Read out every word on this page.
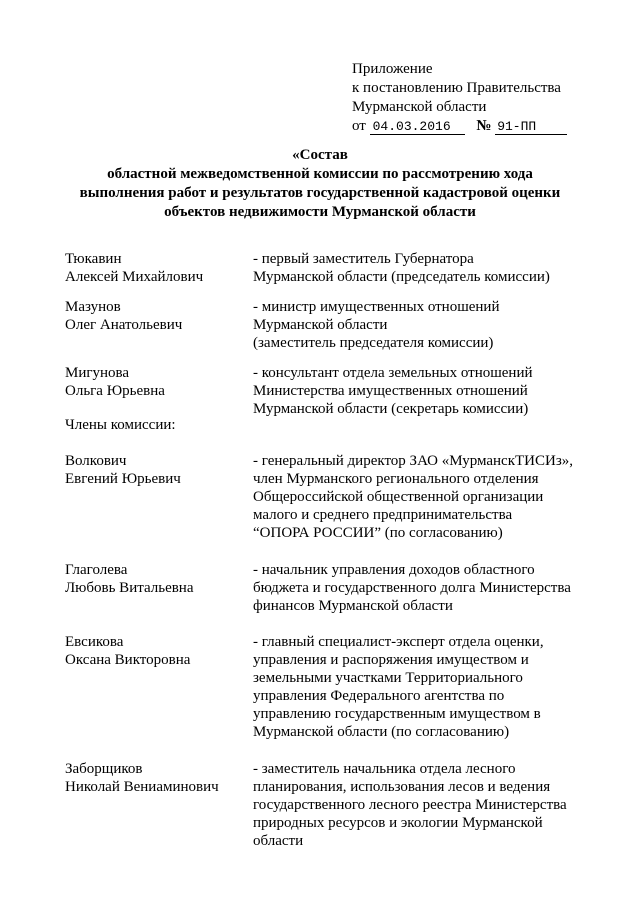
Приложение
к постановлению Правительства
Мурманской области
от 04.03.2016 № 91-ПП
«Состав
областной межведомственной комиссии по рассмотрению хода
выполнения работ и результатов государственной кадастровой оценки
объектов недвижимости Мурманской области
Тюкавин
Алексей Михайлович
- первый заместитель Губернатора
Мурманской области (председатель комиссии)
Мазунов
Олег Анатольевич
- министр имущественных отношений
Мурманской области
(заместитель председателя комиссии)
Мигунова
Ольга Юрьевна
- консультант отдела земельных отношений
Министерства имущественных отношений
Мурманской области (секретарь комиссии)
Члены комиссии:
Волкович
Евгений Юрьевич
- генеральный директор ЗАО «МурманскТИСИз»,
член Мурманского регионального отделения
Общероссийской общественной организации
малого и среднего предпринимательства
“ОПОРА РОССИИ” (по согласованию)
Глаголева
Любовь Витальевна
- начальник управления доходов областного
бюджета и государственного долга Министерства
финансов Мурманской области
Евсикова
Оксана Викторовна
- главный специалист-эксперт отдела оценки,
управления и распоряжения имуществом и
земельными участками Территориального
управления Федерального агентства по
управлению государственным имуществом в
Мурманской области (по согласованию)
Заборщиков
Николай Вениаминович
- заместитель начальника отдела лесного
планирования, использования лесов и ведения
государственного лесного реестра Министерства
природных ресурсов и экологии Мурманской
области
